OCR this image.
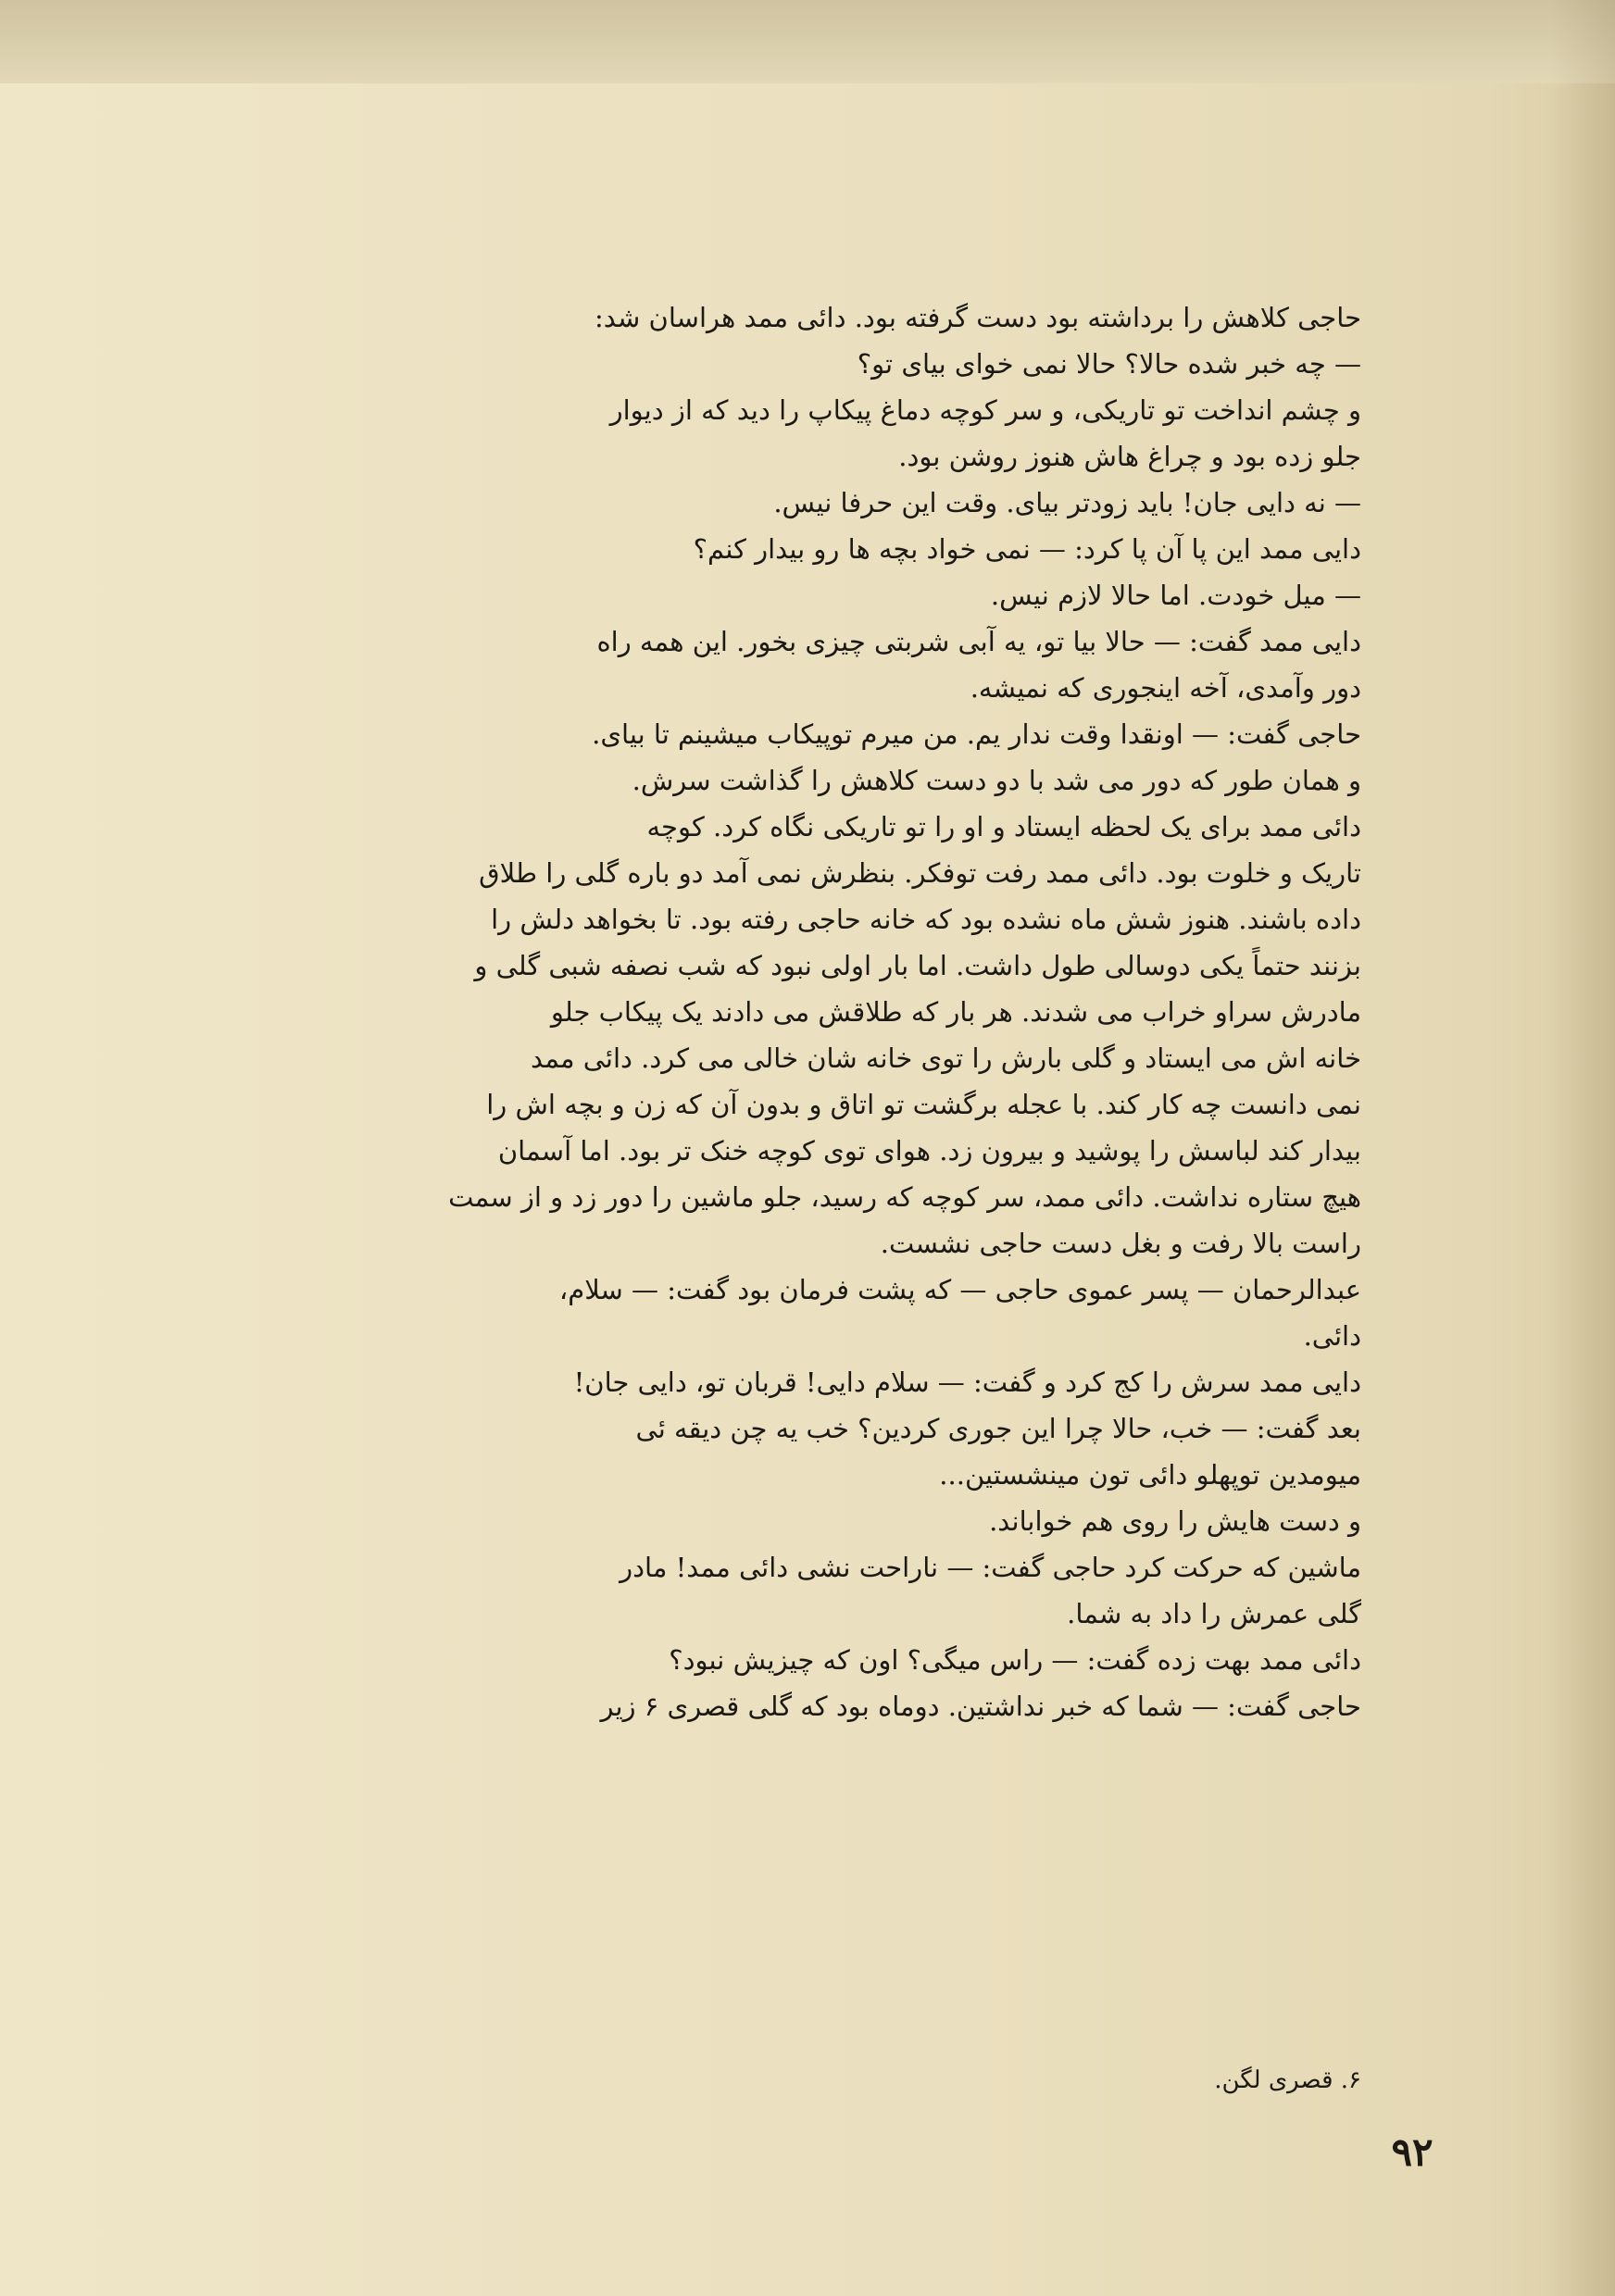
حاجی کلاهش را برداشته بود دست گرفته بود. دائی ممد هراسان شد:
— چه خبر شده حالا؟ حالا نمی خوای بیای تو؟
و چشم انداخت تو تاریکی، و سر کوچه دماغ پیکاپ را دید که از دیوار
جلو زده بود و چراغ هاش هنوز روشن بود.
— نه دایی جان! باید زودتر بیای. وقت این حرفا نیس.
دایی ممد این پا آن پا کرد: — نمی خواد بچه ها رو بیدار کنم؟
— میل خودت. اما حالا لازم نیس.
دایی ممد گفت: — حالا بیا تو، یه آبی شربتی چیزی بخور. این همه راه
دور وآمدی، آخه اینجوری که نمیشه.
حاجی گفت: — اونقدا وقت ندار یم. من میرم توپیکاب میشینم تا بیای.
و همان طور که دور می شد با دو دست کلاهش را گذاشت سرش.
دائی ممد برای یک لحظه ایستاد و او را تو تاریکی نگاه کرد. کوچه
تاریک و خلوت بود. دائی ممد رفت توفکر. بنظرش نمی آمد دو باره گلی را طلاق
داده باشند. هنوز شش ماه نشده بود که خانه حاجی رفته بود. تا بخواهد دلش را
بزنند حتماً یکی دوسالی طول داشت. اما بار اولی نبود که شب نصفه شبی گلی و
مادرش سراو خراب می شدند. هر بار که طلاقش می دادند یک پیکاب جلو
خانه اش می ایستاد و گلی بارش را توی خانه شان خالی می کرد. دائی ممد
نمی دانست چه کار کند. با عجله برگشت تو اتاق و بدون آن که زن و بچه اش را
بیدار کند لباسش را پوشید و بیرون زد. هوای توی کوچه خنک تر بود. اما آسمان
هیچ ستاره نداشت. دائی ممد، سر کوچه که رسید، جلو ماشین را دور زد و از سمت
راست بالا رفت و بغل دست حاجی نشست.
عبدالرحمان — پسر عموی حاجی — که پشت فرمان بود گفت: — سلام،
دائی.
دایی ممد سرش را کج کرد و گفت: — سلام دایی! قربان تو، دایی جان!
بعد گفت: — خب، حالا چرا این جوری کردین؟ خب یه چن دیقه ئی
میومدین توپهلو دائی تون مینشستین...
و دست هایش را روی هم خواباند.
ماشین که حرکت کرد حاجی گفت: — ناراحت نشی دائی ممد! مادر
گلی عمرش را داد به شما.
دائی ممد بهت زده گفت: — راس میگی؟ اون که چیزیش نبود؟
حاجی گفت: — شما که خبر نداشتین. دوماه بود که گلی قصری ۶ زیر
۶. قصری لگن.
۹۲
